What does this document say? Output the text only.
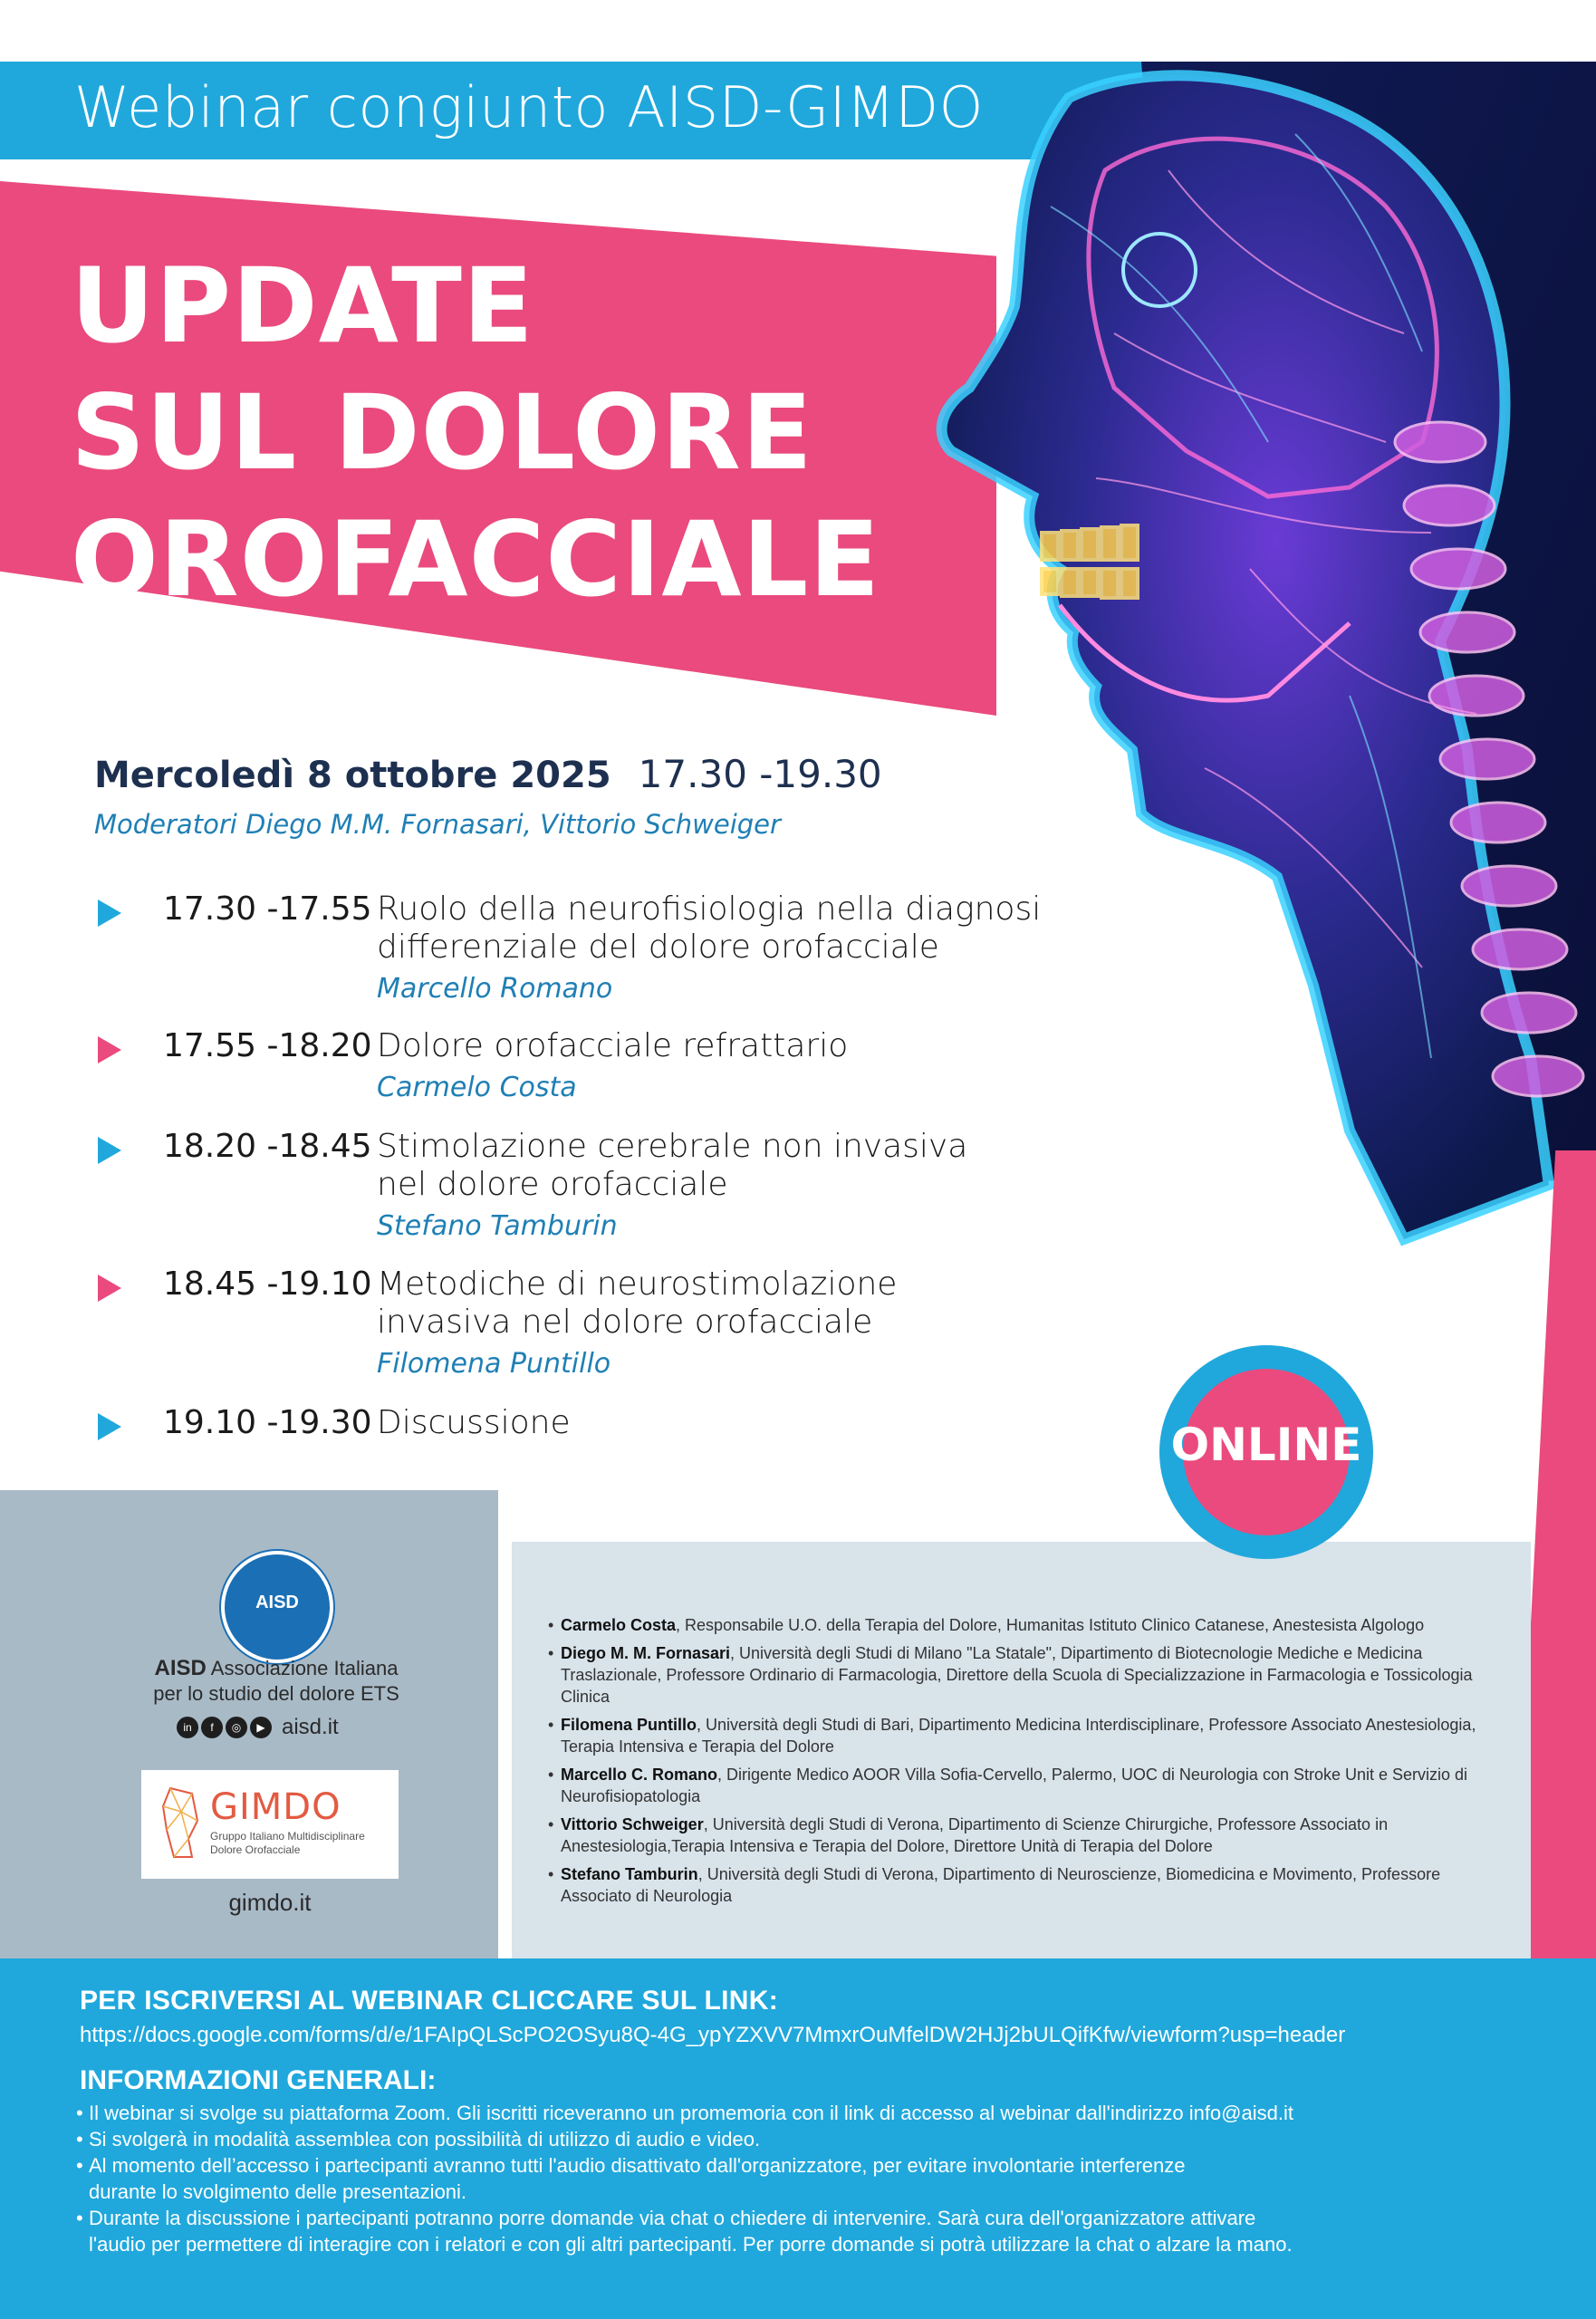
Webinar congiunto AISD-GIMDO
UPDATE
SUL DOLORE
OROFACCIALE
Mercoledì 8 ottobre 2025 17.30 -19.30
Moderatori Diego M.M. Fornasari, Vittorio Schweiger
17.30 -17.55 Ruolo della neurofisiologia nella diagnosi
differenziale del dolore orofacciale
Marcello Romano
17.55 -18.20 Dolore orofacciale refrattario
Carmelo Costa
18.20 -18.45 Stimolazione cerebrale non invasiva
nel dolore orofacciale
Stefano Tamburin
18.45 -19.10 Metodiche di neurostimolazione
invasiva nel dolore orofacciale
Filomena Puntillo
19.10 -19.30 Discussione	ONLINE
AISD
AISD Associazione Italiana
per lo studio del dolore ETS
in f ◎ ▶ aisd.it
GIMDO
Gruppo Italiano Multidisciplinare
Dolore Orofacciale
gimdo.it
• Carmelo Costa, Responsabile U.O. della Terapia del Dolore, Humanitas Istituto Clinico Catanese, Anestesista Algologo
• Diego M. M. Fornasari, Università degli Studi di Milano "La Statale", Dipartimento di Biotecnologie Mediche e Medicina Traslazionale, Professore Ordinario di Farmacologia, Direttore della Scuola di Specializzazione in Farmacologia e Tossicologia Clinica
• Filomena Puntillo, Università degli Studi di Bari, Dipartimento Medicina Interdisciplinare, Professore Associato Anestesiologia, Terapia Intensiva e Terapia del Dolore
• Marcello C. Romano, Dirigente Medico AOOR Villa Sofia-Cervello, Palermo, UOC di Neurologia con Stroke Unit e Servizio di Neurofisiopatologia
• Vittorio Schweiger, Università degli Studi di Verona, Dipartimento di Scienze Chirurgiche, Professore Associato in Anestesiologia,Terapia Intensiva e Terapia del Dolore, Direttore Unità di Terapia del Dolore
• Stefano Tamburin, Università degli Studi di Verona, Dipartimento di Neuroscienze, Biomedicina e Movimento, Professore Associato di Neurologia
PER ISCRIVERSI AL WEBINAR CLICCARE SUL LINK:
https://docs.google.com/forms/d/e/1FAIpQLScPO2OSyu8Q-4G_ypYZXVV7MmxrOuMfelDW2HJj2bULQifKfw/viewform?usp=header
INFORMAZIONI GENERALI:
• Il webinar si svolge su piattaforma Zoom. Gli iscritti riceveranno un promemoria con il link di accesso al webinar dall'indirizzo info@aisd.it
• Si svolgerà in modalità assemblea con possibilità di utilizzo di audio e video.
• Al momento dell’accesso i partecipanti avranno tutti l'audio disattivato dall'organizzatore, per evitare involontarie interferenze
durante lo svolgimento delle presentazioni.
• Durante la discussione i partecipanti potranno porre domande via chat o chiedere di intervenire. Sarà cura dell'organizzatore attivare
l'audio per permettere di interagire con i relatori e con gli altri partecipanti. Per porre domande si potrà utilizzare la chat o alzare la mano.
